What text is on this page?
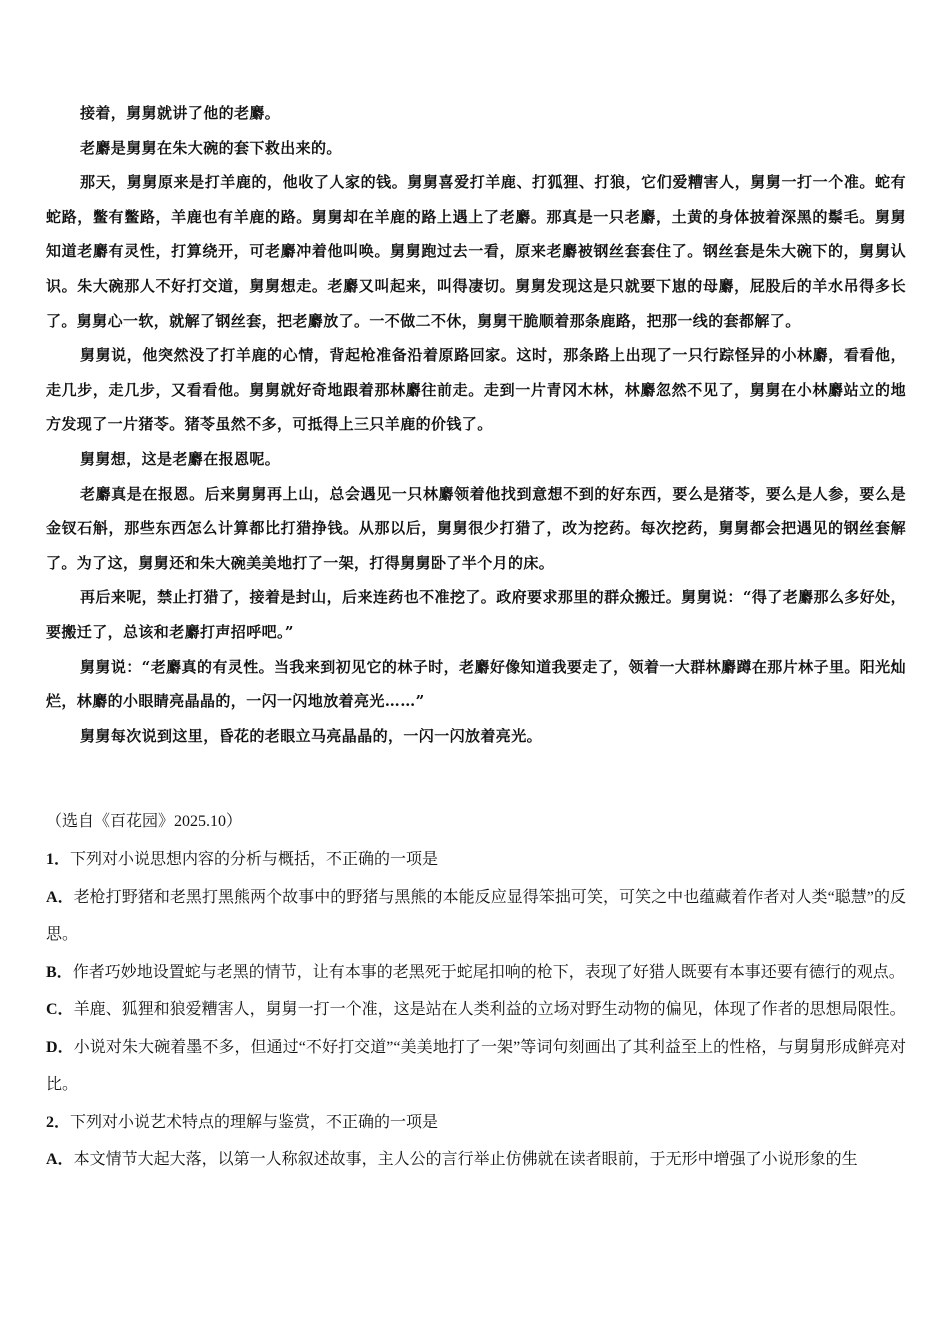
接着，舅舅就讲了他的老麝。

老麝是舅舅在朱大碗的套下救出来的。

那天，舅舅原来是打羊鹿的，他收了人家的钱。舅舅喜爱打羊鹿、打狐狸、打狼，它们爱糟害人，舅舅一打一个准。蛇有蛇路，鳖有鳖路，羊鹿也有羊鹿的路。舅舅却在羊鹿的路上遇上了老麝。那真是一只老麝，土黄的身体披着深黑的鬃毛。舅舅知道老麝有灵性，打算绕开，可老麝冲着他叫唤。舅舅跑过去一看，原来老麝被钢丝套套住了。钢丝套是朱大碗下的，舅舅认识。朱大碗那人不好打交道，舅舅想走。老麝又叫起来，叫得凄切。舅舅发现这是只就要下崽的母麝，屁股后的羊水吊得多长了。舅舅心一软，就解了钢丝套，把老麝放了。一不做二不休，舅舅干脆顺着那条鹿路，把那一线的套都解了。

舅舅说，他突然没了打羊鹿的心情，背起枪准备沿着原路回家。这时，那条路上出现了一只行踪怪异的小林麝，看看他，走几步，走几步，又看看他。舅舅就好奇地跟着那林麝往前走。走到一片青冈木林，林麝忽然不见了，舅舅在小林麝站立的地方发现了一片猪苓。猪苓虽然不多，可抵得上三只羊鹿的价钱了。

舅舅想，这是老麝在报恩呢。

老麝真是在报恩。后来舅舅再上山，总会遇见一只林麝领着他找到意想不到的好东西，要么是猪苓，要么是人参，要么是金钗石斛，那些东西怎么计算都比打猎挣钱。从那以后，舅舅很少打猎了，改为挖药。每次挖药，舅舅都会把遇见的钢丝套解了。为了这，舅舅还和朱大碗美美地打了一架，打得舅舅卧了半个月的床。

再后来呢，禁止打猎了，接着是封山，后来连药也不准挖了。政府要求那里的群众搬迁。舅舅说：“得了老麝那么多好处，要搬迁了，总该和老麝打声招呼吧。”

舅舅说：“老麝真的有灵性。当我来到初见它的林子时，老麝好像知道我要走了，领着一大群林麝蹲在那片林子里。阳光灿烂，林麝的小眼睛亮晶晶的，一闪一闪地放着亮光……”

舅舅每次说到这里，昏花的老眼立马亮晶晶的，一闪一闪放着亮光。

（选自《百花园》2025.10）

1．下列对小说思想内容的分析与概括，不正确的一项是

A．老枪打野猪和老黑打黑熊两个故事中的野猪与黑熊的本能反应显得笨拙可笑，可笑之中也蕴藏着作者对人类“聪慧”的反思。

B．作者巧妙地设置蛇与老黑的情节，让有本事的老黑死于蛇尾扣响的枪下，表现了好猎人既要有本事还要有德行的观点。

C．羊鹿、狐狸和狼爱糟害人，舅舅一打一个准，这是站在人类利益的立场对野生动物的偏见，体现了作者的思想局限性。

D．小说对朱大碗着墨不多，但通过“不好打交道”“美美地打了一架”等词句刻画出了其利益至上的性格，与舅舅形成鲜亮对比。

2．下列对小说艺术特点的理解与鉴赏，不正确的一项是

A．本文情节大起大落，以第一人称叙述故事，主人公的言行举止仿佛就在读者眼前，于无形中增强了小说形象的生
